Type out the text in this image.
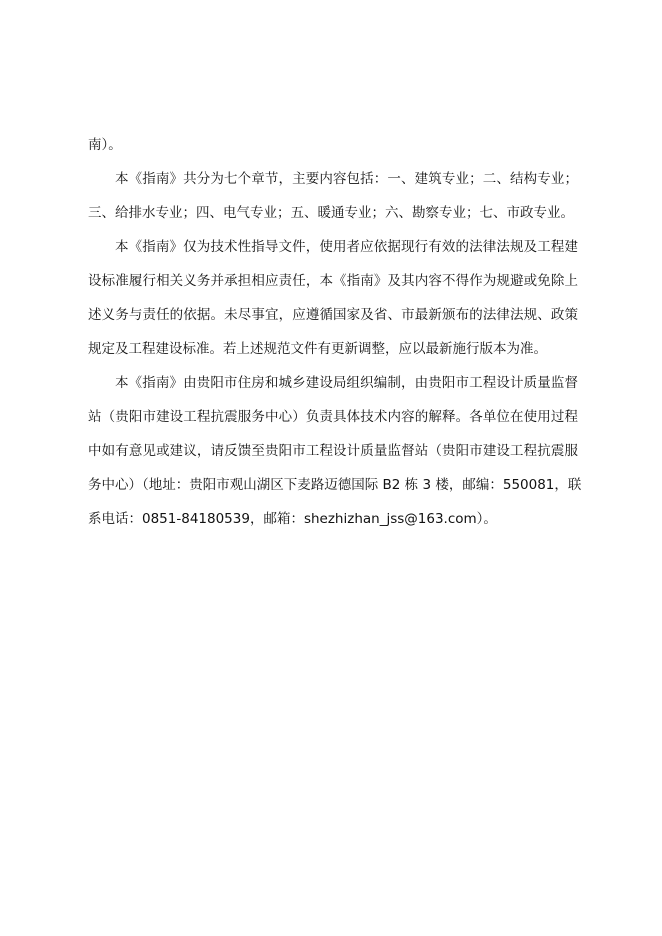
南）。
本《指南》共分为七个章节，主要内容包括：一、建筑专业；二、结构专业；
三、给排水专业；四、电气专业；五、暖通专业；六、勘察专业；七、市政专业。
本《指南》仅为技术性指导文件，使用者应依据现行有效的法律法规及工程建
设标准履行相关义务并承担相应责任，本《指南》及其内容不得作为规避或免除上
述义务与责任的依据。未尽事宜，应遵循国家及省、市最新颁布的法律法规、政策
规定及工程建设标准。若上述规范文件有更新调整，应以最新施行版本为准。
本《指南》由贵阳市住房和城乡建设局组织编制，由贵阳市工程设计质量监督
站（贵阳市建设工程抗震服务中心）负责具体技术内容的解释。各单位在使用过程
中如有意见或建议，请反馈至贵阳市工程设计质量监督站（贵阳市建设工程抗震服
务中心）（地址：贵阳市观山湖区下麦路迈德国际 B2 栋 3 楼，邮编：550081，联
系电话：0851-84180539，邮箱：shezhizhan_jss@163.com）。
